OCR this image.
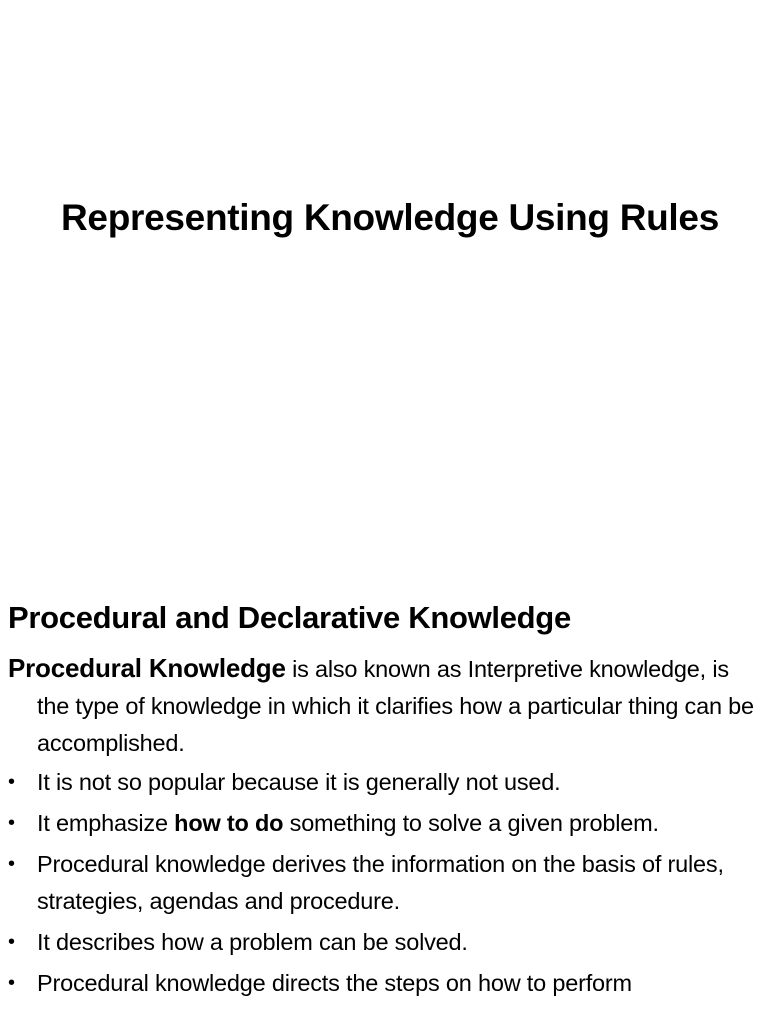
Representing Knowledge Using Rules
Procedural and Declarative Knowledge
Procedural Knowledge is also known as Interpretive knowledge, is the type of knowledge in which it clarifies how a particular thing can be accomplished.
• It is not so popular because it is generally not used.
• It emphasize how to do something to solve a given problem.
• Procedural knowledge derives the information on the basis of rules, strategies, agendas and procedure.
• It describes how a problem can be solved.
• Procedural knowledge directs the steps on how to perform
